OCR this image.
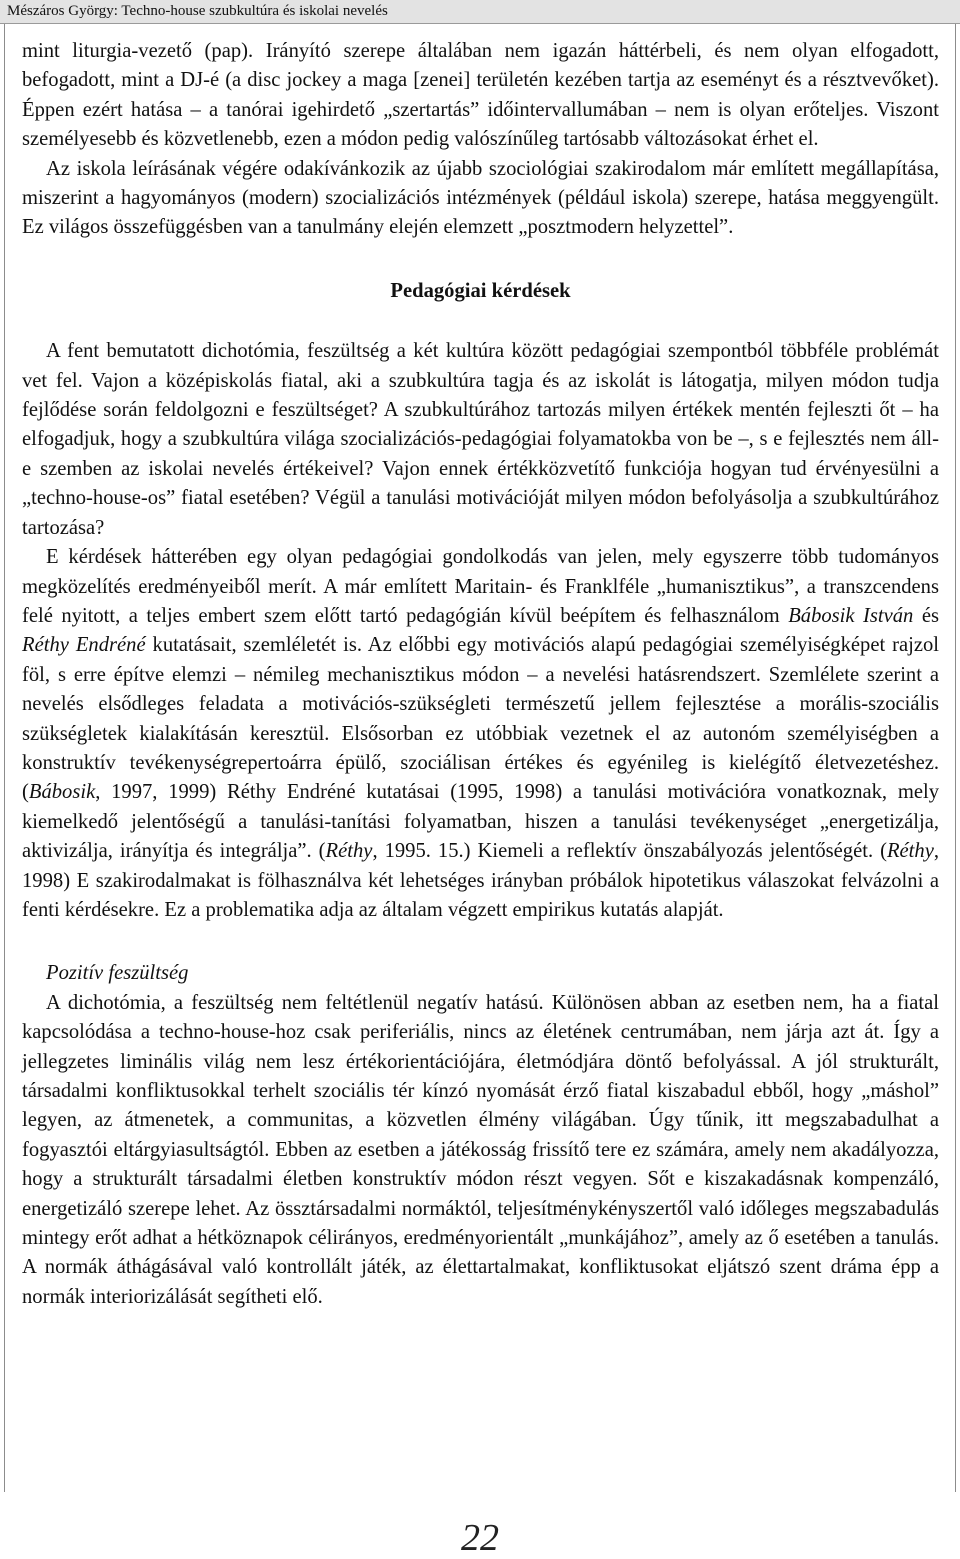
Mészáros György: Techno-house szubkultúra és iskolai nevelés

mint liturgia-vezető (pap). Irányító szerepe általában nem igazán háttérbeli, és nem olyan elfogadott, befogadott, mint a DJ-é (a disc jockey a maga [zenei] területén kezében tartja az eseményt és a résztvevőket). Éppen ezért hatása – a tanórai igehirdető „szertartás” időintervallumában – nem is olyan erőteljes. Viszont személyesebb és közvetlenebb, ezen a módon pedig valószínűleg tartósabb változásokat érhet el.

Az iskola leírásának végére odakívánkozik az újabb szociológiai szakirodalom már említett megállapítása, miszerint a hagyományos (modern) szocializációs intézmények (például iskola) szerepe, hatása meggyengült. Ez világos összefüggésben van a tanulmány elején elemzett „posztmodern helyzettel”.

Pedagógiai kérdések

A fent bemutatott dichotómia, feszültség a két kultúra között pedagógiai szempontból többféle problémát vet fel. Vajon a középiskolás fiatal, aki a szubkultúra tagja és az iskolát is látogatja, milyen módon tudja fejlődése során feldolgozni e feszültséget? A szubkultúrához tartozás milyen értékek mentén fejleszti őt – ha elfogadjuk, hogy a szubkultúra világa szocializációs-pedagógiai folyamatokba von be –, s e fejlesztés nem áll-e szemben az iskolai nevelés értékeivel? Vajon ennek értékközvetítő funkciója hogyan tud érvényesülni a „techno-house-os” fiatal esetében? Végül a tanulási motivációját milyen módon befolyásolja a szubkultúrához tartozása?

E kérdések hátterében egy olyan pedagógiai gondolkodás van jelen, mely egyszerre több tudományos megközelítés eredményeiből merít. A már említett Maritain- és Franklféle „humanisztikus”, a transzcendens felé nyitott, a teljes embert szem előtt tartó pedagógián kívül beépítem és felhasználom Bábosik István és Réthy Endréné kutatásait, szemléletét is. Az előbbi egy motivációs alapú pedagógiai személyiségképet rajzol föl, s erre építve elemzi – némileg mechanisztikus módon – a nevelési hatásrendszert. Szemlélete szerint a nevelés elsődleges feladata a motivációs-szükségleti természetű jellem fejlesztése a morális-szociális szükségletek kialakításán keresztül. Elsősorban ez utóbbiak vezetnek el az autonóm személyiségben a konstruktív tevékenységrepertoárra épülő, szociálisan értékes és egyénileg is kielégítő életvezetéshez. (Bábosik, 1997, 1999) Réthy Endréné kutatásai (1995, 1998) a tanulási motivációra vonatkoznak, mely kiemelkedő jelentőségű a tanulási-tanítási folyamatban, hiszen a tanulási tevékenységet „energetizálja, aktivizálja, irányítja és integrálja”. (Réthy, 1995. 15.) Kiemeli a reflektív önszabályozás jelentőségét. (Réthy, 1998) E szakirodalmakat is fölhasználva két lehetséges irányban próbálok hipotetikus válaszokat felvázolni a fenti kérdésekre. Ez a problematika adja az általam végzett empirikus kutatás alapját.

Pozitív feszültség

A dichotómia, a feszültség nem feltétlenül negatív hatású. Különösen abban az esetben nem, ha a fiatal kapcsolódása a techno-house-hoz csak periferiális, nincs az életének centrumában, nem járja azt át. Így a jellegzetes liminális világ nem lesz értékorientációjára, életmódjára döntő befolyással. A jól strukturált, társadalmi konfliktusokkal terhelt szociális tér kínzó nyomását érző fiatal kiszabadul ebből, hogy „máshol” legyen, az átmenetek, a communitas, a közvetlen élmény világában. Úgy tűnik, itt megszabadulhat a fogyasztói eltárgyiasultságtól. Ebben az esetben a játékosság frissítő tere ez számára, amely nem akadályozza, hogy a strukturált társadalmi életben konstruktív módon részt vegyen. Sőt e kiszakadásnak kompenzáló, energetizáló szerepe lehet. Az össztársadalmi normáktól, teljesítménykényszertől való időleges megszabadulás mintegy erőt adhat a hétköznapok célirányos, eredményorientált „munkájához”, amely az ő esetében a tanulás. A normák áthágásával való kontrollált játék, az élettartalmakat, konfliktusokat eljátszó szent dráma épp a normák interiorizálását segítheti elő.

22
